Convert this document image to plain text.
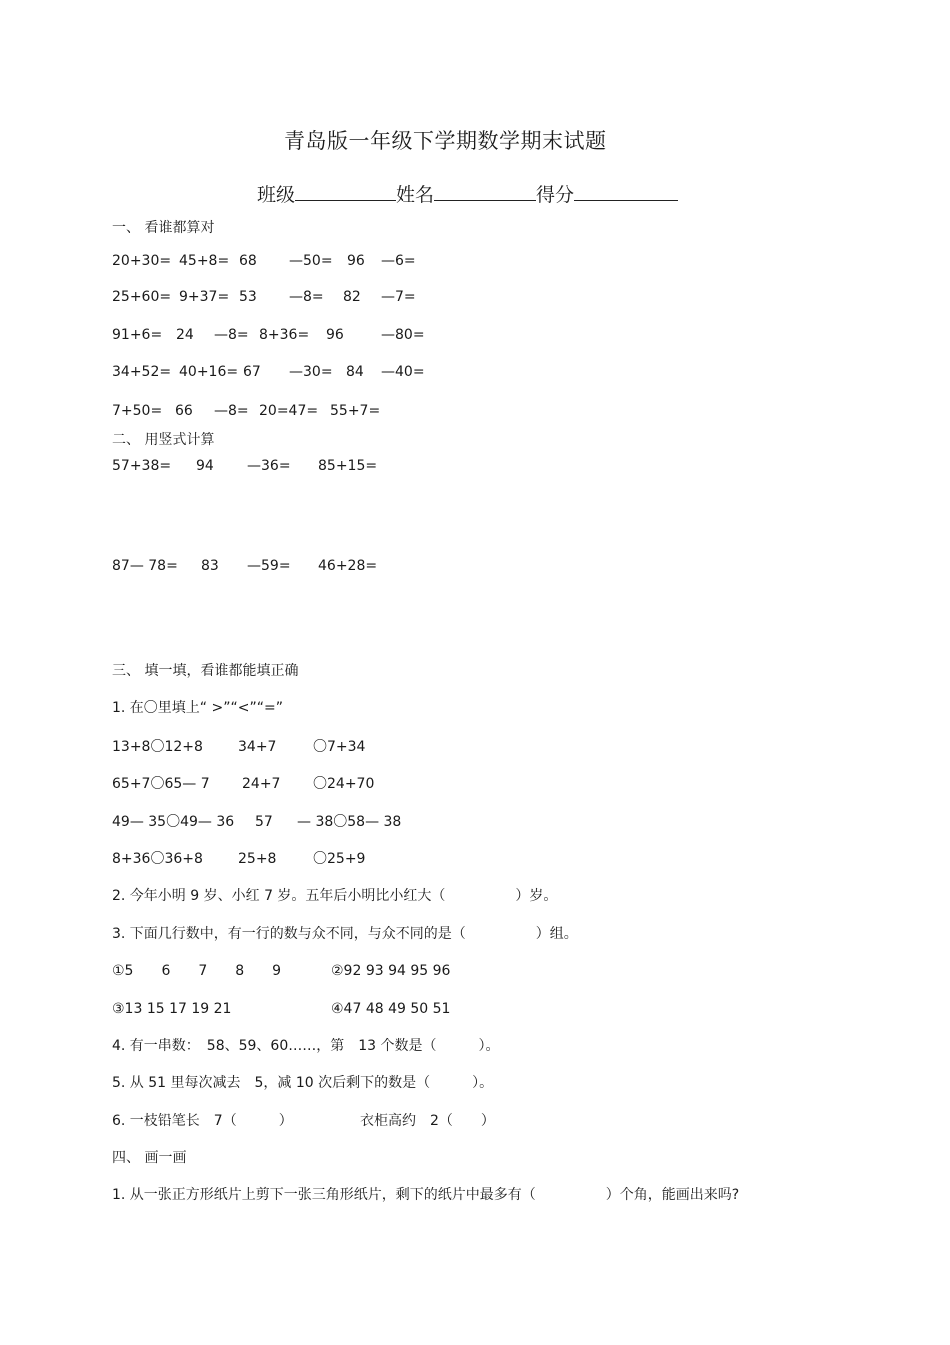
青岛版一年级下学期数学期末试题
班级	姓名	得分
一、 看谁都算对
20+30= 45+8= 68 —50= 96 —6=
25+60= 9+37= 53 —8= 82 —7=
91+6= 24 —8= 8+36= 96	—80=
34+52= 40+16= 67 —30= 84 —40=
7+50= 66 —8= 20=47= 55+7=
二、 用竖式计算
57+38= 94 —36= 85+15=
87— 78= 83 —59= 46+28=
三、 填一填，看谁都能填正确
1. 在〇里填上“ >”“<”“=”
13+8〇12+8	34+7	〇7+34
65+7〇65— 7 24+7 〇24+70
49— 35〇49— 36 57 — 38〇58— 38
8+36〇36+8	25+8	〇25+9
2. 今年小明 9 岁、小红 7 岁。五年后小明比小红大（　　　　　）岁。
3. 下面几行数中，有一行的数与众不同，与众不同的是（　　　　　）组。
①5　　6　　7　　8　　9	②92 93 94 95 96
③13 15 17 19 21	④47 48 49 50 51
4. 有一串数：　58、59、60……，第　13 个数是（　　　）。
5. 从 51 里每次减去　5，减 10 次后剩下的数是（　　　）。
6. 一枝铅笔长　7（　　　）	衣柜高约　2（　　）
四、 画一画
1. 从一张正方形纸片上剪下一张三角形纸片，剩下的纸片中最多有（　　　　　）个角，能画出来吗?
